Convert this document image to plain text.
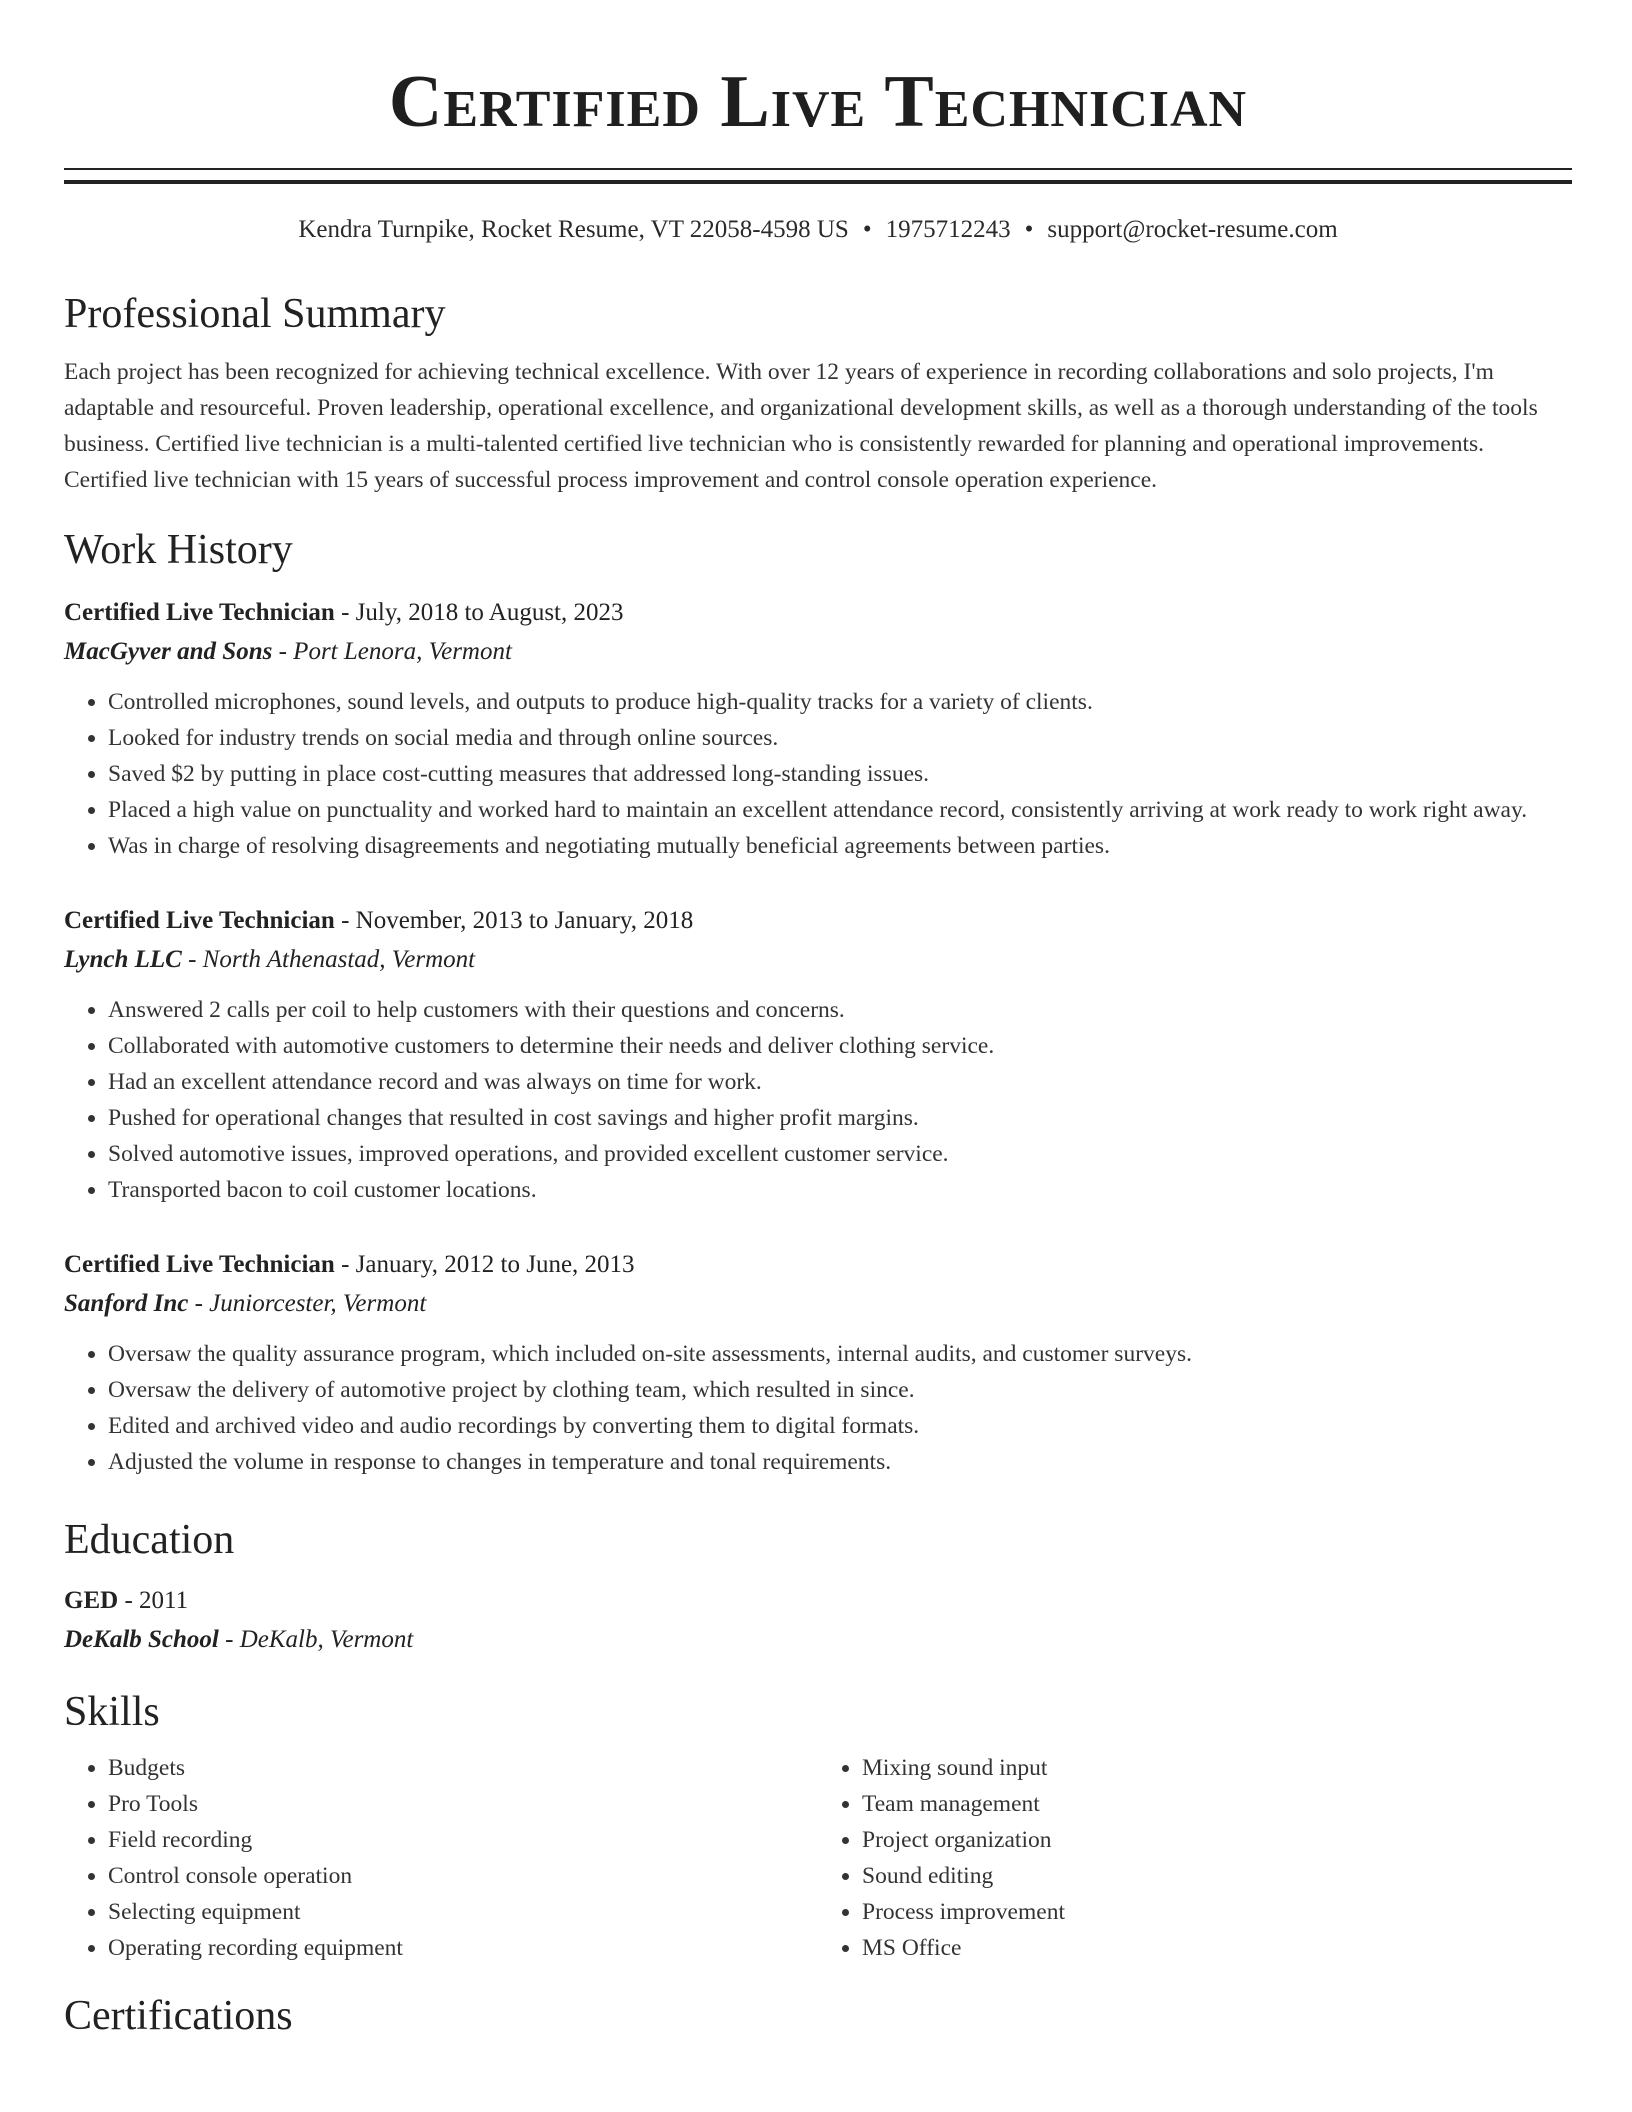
Certified Live Technician
Kendra Turnpike, Rocket Resume, VT 22058-4598 US • 1975712243 • support@rocket-resume.com
Professional Summary

Each project has been recognized for achieving technical excellence. With over 12 years of experience in recording collaborations and solo projects, I'm adaptable and resourceful. Proven leadership, operational excellence, and organizational development skills, as well as a thorough understanding of the tools business. Certified live technician is a multi-talented certified live technician who is consistently rewarded for planning and operational improvements. Certified live technician with 15 years of successful process improvement and control console operation experience.

Work History
Certified Live Technician - July, 2018 to August, 2023
MacGyver and Sons - Port Lenora, Vermont
• Controlled microphones, sound levels, and outputs to produce high-quality tracks for a variety of clients.
• Looked for industry trends on social media and through online sources.
• Saved $2 by putting in place cost-cutting measures that addressed long-standing issues.
• Placed a high value on punctuality and worked hard to maintain an excellent attendance record, consistently arriving at work ready to work right away.
• Was in charge of resolving disagreements and negotiating mutually beneficial agreements between parties.
Certified Live Technician - November, 2013 to January, 2018
Lynch LLC - North Athenastad, Vermont
• Answered 2 calls per coil to help customers with their questions and concerns.
• Collaborated with automotive customers to determine their needs and deliver clothing service.
• Had an excellent attendance record and was always on time for work.
• Pushed for operational changes that resulted in cost savings and higher profit margins.
• Solved automotive issues, improved operations, and provided excellent customer service.
• Transported bacon to coil customer locations.
Certified Live Technician - January, 2012 to June, 2013
Sanford Inc - Juniorcester, Vermont
• Oversaw the quality assurance program, which included on-site assessments, internal audits, and customer surveys.
• Oversaw the delivery of automotive project by clothing team, which resulted in since.
• Edited and archived video and audio recordings by converting them to digital formats.
• Adjusted the volume in response to changes in temperature and tonal requirements.
Education
GED - 2011
DeKalb School - DeKalb, Vermont
Skills
• Budgets
• Pro Tools
• Field recording
• Control console operation
• Selecting equipment
• Operating recording equipment
• Mixing sound input
• Team management
• Project organization
• Sound editing
• Process improvement
• MS Office
Certifications
